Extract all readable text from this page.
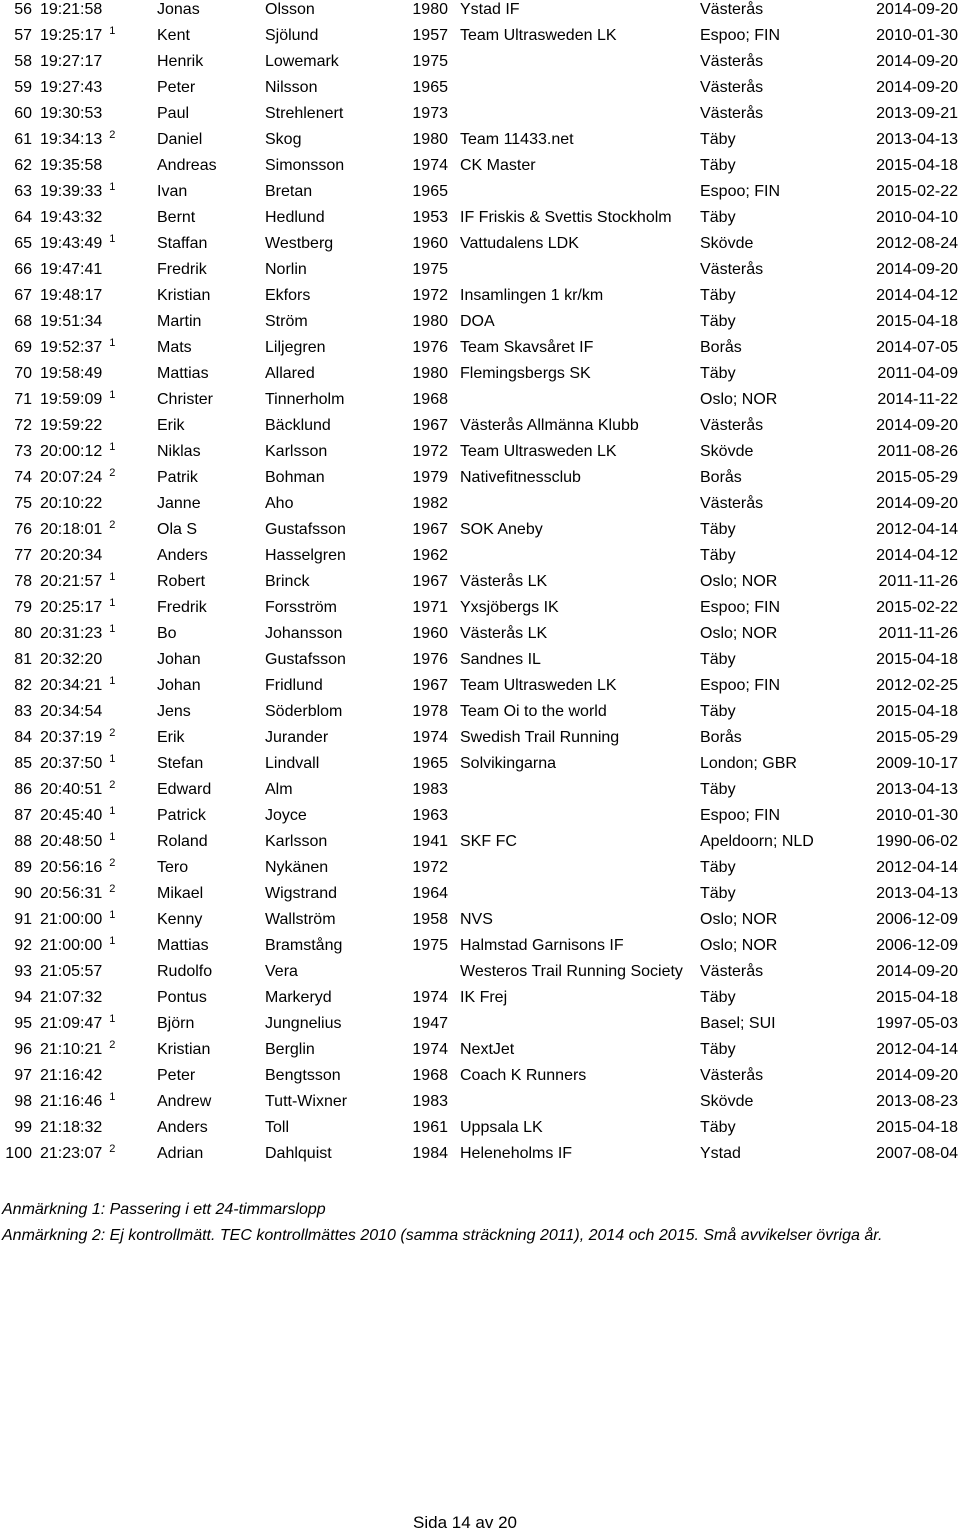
56	19:21:58	Jonas	Olsson	1980	Ystad IF	Västerås	2014-09-20
57	19:25:17 $^1$	Kent	Sjölund	1957	Team Ultrasweden LK	Espoo; FIN	2010-01-30
58	19:27:17	Henrik	Lowemark	1975		Västerås	2014-09-20
59	19:27:43	Peter	Nilsson	1965		Västerås	2014-09-20
60	19:30:53	Paul	Strehlenert	1973		Västerås	2013-09-21
61	19:34:13 $^2$	Daniel	Skog	1980	Team 11433.net	Täby	2013-04-13
62	19:35:58	Andreas	Simonsson	1974	CK Master	Täby	2015-04-18
63	19:39:33 $^1$	Ivan	Bretan	1965		Espoo; FIN	2015-02-22
64	19:43:32	Bernt	Hedlund	1953	IF Friskis & Svettis Stockholm	Täby	2010-04-10
65	19:43:49 $^1$	Staffan	Westberg	1960	Vattudalens LDK	Skövde	2012-08-24
66	19:47:41	Fredrik	Norlin	1975		Västerås	2014-09-20
67	19:48:17	Kristian	Ekfors	1972	Insamlingen 1 kr/km	Täby	2014-04-12
68	19:51:34	Martin	Ström	1980	DOA	Täby	2015-04-18
69	19:52:37 $^1$	Mats	Liljegren	1976	Team Skavsåret IF	Borås	2014-07-05
70	19:58:49	Mattias	Allared	1980	Flemingsbergs SK	Täby	2011-04-09
71	19:59:09 $^1$	Christer	Tinnerholm	1968		Oslo; NOR	2014-11-22
72	19:59:22	Erik	Bäcklund	1967	Västerås Allmänna Klubb	Västerås	2014-09-20
73	20:00:12 $^1$	Niklas	Karlsson	1972	Team Ultrasweden LK	Skövde	2011-08-26
74	20:07:24 $^2$	Patrik	Bohman	1979	Nativefitnessclub	Borås	2015-05-29
75	20:10:22	Janne	Aho	1982		Västerås	2014-09-20
76	20:18:01 $^2$	Ola S	Gustafsson	1967	SOK Aneby	Täby	2012-04-14
77	20:20:34	Anders	Hasselgren	1962		Täby	2014-04-12
78	20:21:57 $^1$	Robert	Brinck	1967	Västerås LK	Oslo; NOR	2011-11-26
79	20:25:17 $^1$	Fredrik	Forsström	1971	Yxsjöbergs IK	Espoo; FIN	2015-02-22
80	20:31:23 $^1$	Bo	Johansson	1960	Västerås LK	Oslo; NOR	2011-11-26
81	20:32:20	Johan	Gustafsson	1976	Sandnes IL	Täby	2015-04-18
82	20:34:21 $^1$	Johan	Fridlund	1967	Team Ultrasweden LK	Espoo; FIN	2012-02-25
83	20:34:54	Jens	Söderblom	1978	Team Oi to the world	Täby	2015-04-18
84	20:37:19 $^2$	Erik	Jurander	1974	Swedish Trail Running	Borås	2015-05-29
85	20:37:50 $^1$	Stefan	Lindvall	1965	Solvikingarna	London; GBR	2009-10-17
86	20:40:51 $^2$	Edward	Alm	1983		Täby	2013-04-13
87	20:45:40 $^1$	Patrick	Joyce	1963		Espoo; FIN	2010-01-30
88	20:48:50 $^1$	Roland	Karlsson	1941	SKF FC	Apeldoorn; NLD	1990-06-02
89	20:56:16 $^2$	Tero	Nykänen	1972		Täby	2012-04-14
90	20:56:31 $^2$	Mikael	Wigstrand	1964		Täby	2013-04-13
91	21:00:00 $^1$	Kenny	Wallström	1958	NVS	Oslo; NOR	2006-12-09
92	21:00:00 $^1$	Mattias	Bramstång	1975	Halmstad Garnisons IF	Oslo; NOR	2006-12-09
93	21:05:57	Rudolfo	Vera		Westeros Trail Running Society	Västerås	2014-09-20
94	21:07:32	Pontus	Markeryd	1974	IK Frej	Täby	2015-04-18
95	21:09:47 $^1$	Björn	Jungnelius	1947		Basel; SUI	1997-05-03
96	21:10:21 $^2$	Kristian	Berglin	1974	NextJet	Täby	2012-04-14
97	21:16:42	Peter	Bengtsson	1968	Coach K Runners	Västerås	2014-09-20
98	21:16:46 $^1$	Andrew	Tutt-Wixner	1983		Skövde	2013-08-23
99	21:18:32	Anders	Toll	1961	Uppsala LK	Täby	2015-04-18
100	21:23:07 $^2$	Adrian	Dahlquist	1984	Heleneholms IF	Ystad	2007-08-04
Anmärkning 1: Passering i ett 24-timmarslopp
Anmärkning 2: Ej kontrollmätt. TEC kontrollmättes 2010 (samma sträckning 2011), 2014 och 2015. Små avvikelser övriga år.
Sida 14 av 20
